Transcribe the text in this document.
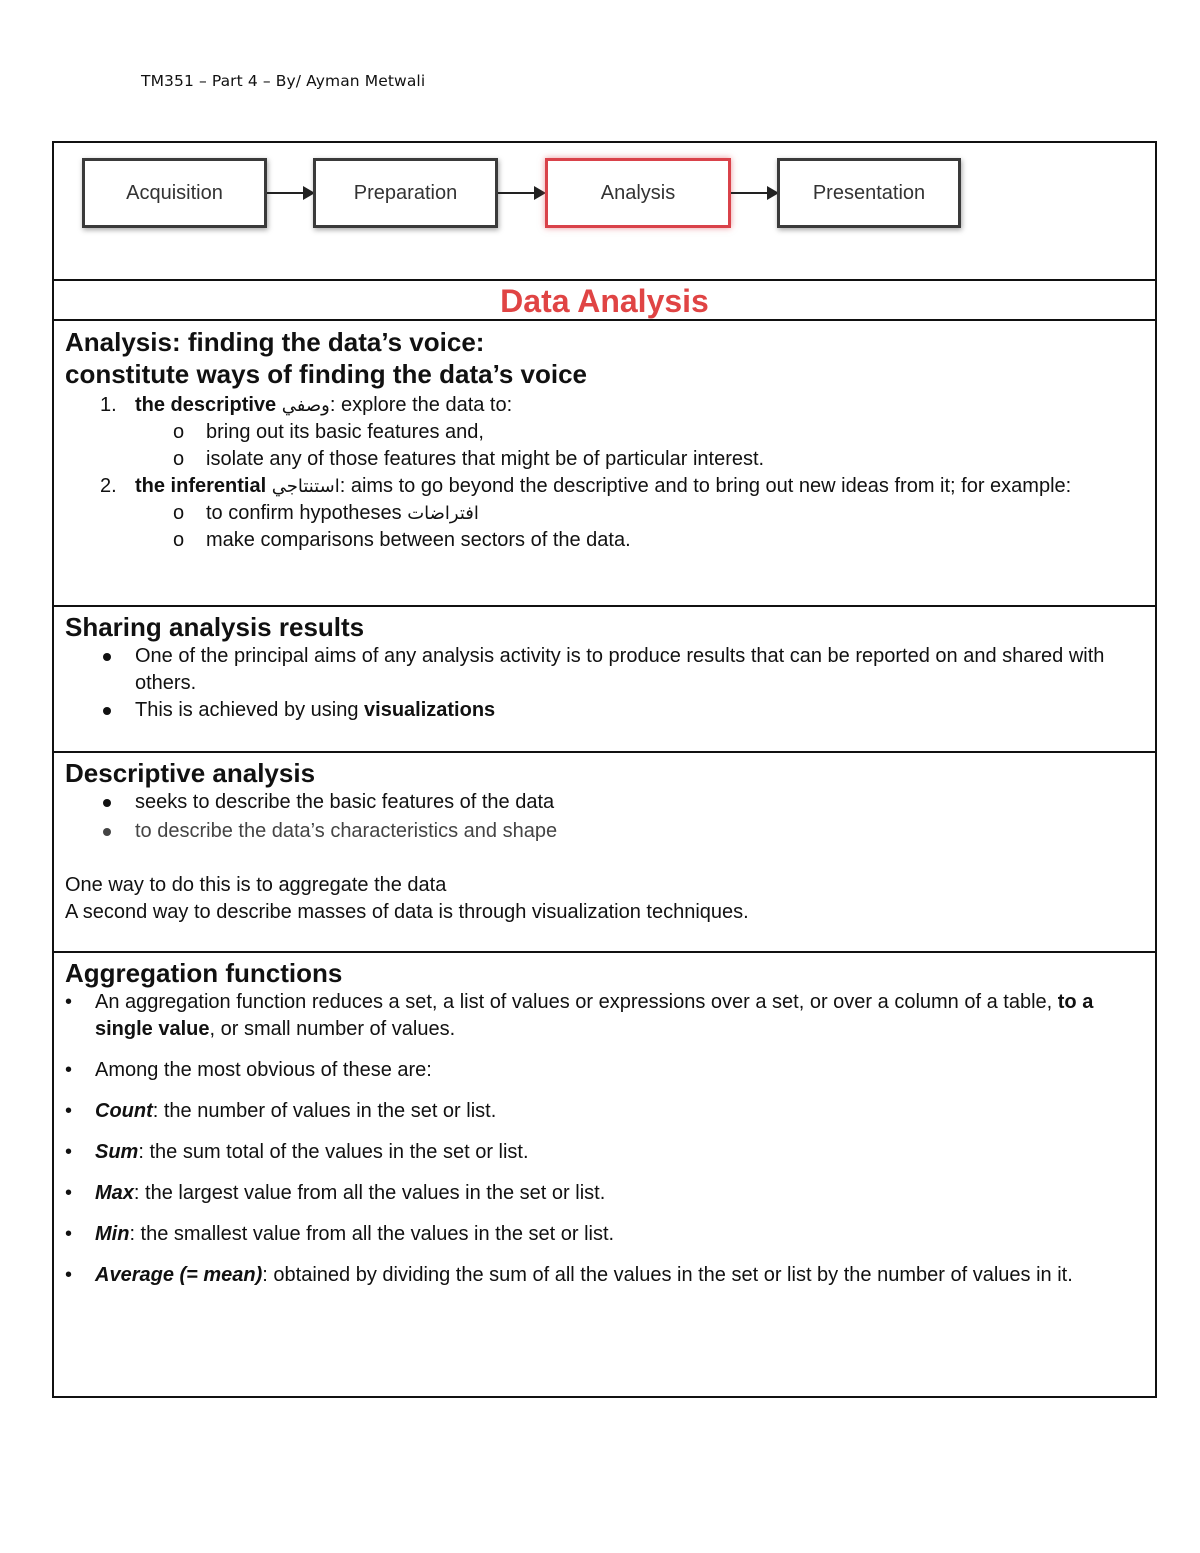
TM351 – Part 4 – By/ Ayman Metwali
Acquisition	Preparation	Analysis	Presentation
Data Analysis
Analysis: finding the data’s voice:
constitute ways of finding the data’s voice
1. the descriptive وصفي: explore the data to:
o bring out its basic features and,
o isolate any of those features that might be of particular interest.
2. the inferential استنتاجي: aims to go beyond the descriptive and to bring out new ideas from it; for example:
o to confirm hypotheses افتراضات
o make comparisons between sectors of the data.
Sharing analysis results
One of the principal aims of any analysis activity is to produce results that can be reported on and shared with others.
This is achieved by using visualizations
Descriptive analysis
seeks to describe the basic features of the data
to describe the data’s characteristics and shape
One way to do this is to aggregate the data
A second way to describe masses of data is through visualization techniques.
Aggregation functions
• An aggregation function reduces a set, a list of values or expressions over a set, or over a column of a table, to a single value, or small number of values.
• Among the most obvious of these are:
• Count: the number of values in the set or list.
• Sum: the sum total of the values in the set or list.
• Max: the largest value from all the values in the set or list.
• Min: the smallest value from all the values in the set or list.
• Average (= mean): obtained by dividing the sum of all the values in the set or list by the number of values in it.
